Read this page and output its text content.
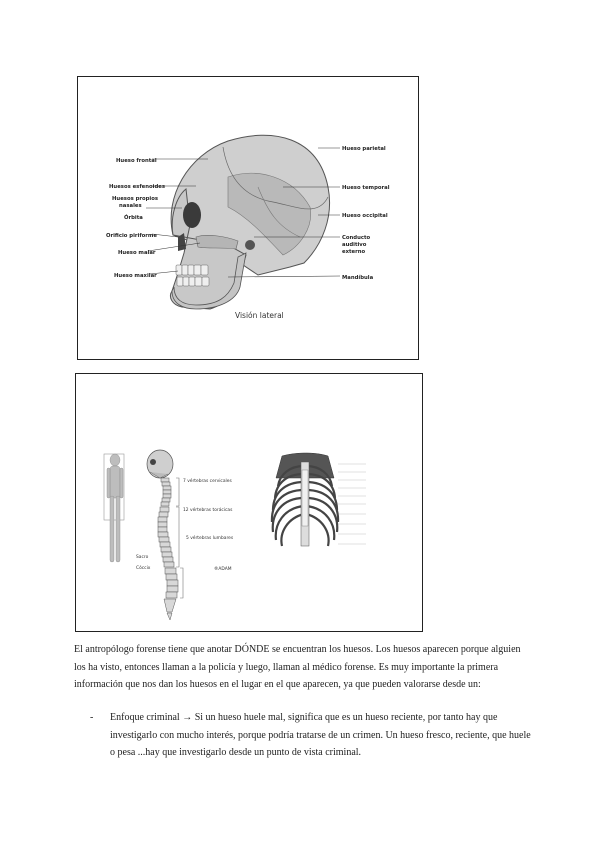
Hueso frontal
Huesos esfenoides
Huesos propios
nasales
Órbita
Orificio piriforme
Hueso malar
Hueso maxilar
Hueso parietal
Hueso temporal
Hueso occipital
Conducto
auditivo
externo
Mandíbula
Visión lateral
7 vértebras cervicales
12 vértebras torácicas
5 vértebras lumbares
Sacro
Cóccix	®ADAM

El antropólogo forense tiene que anotar DÓNDE se encuentran los huesos. Los huesos aparecen porque alguien los ha visto, entonces llaman a la policía y luego, llaman al médico forense. Es muy importante la primera información que nos dan los huesos en el lugar en el que aparecen, ya que pueden valorarse desde un:

-	Enfoque criminal → Si un hueso huele mal, significa que es un hueso reciente, por tanto hay que investigarlo con mucho interés, porque podría tratarse de un crimen. Un hueso fresco, reciente, que huele o pesa ...hay que investigarlo desde un punto de vista criminal.
